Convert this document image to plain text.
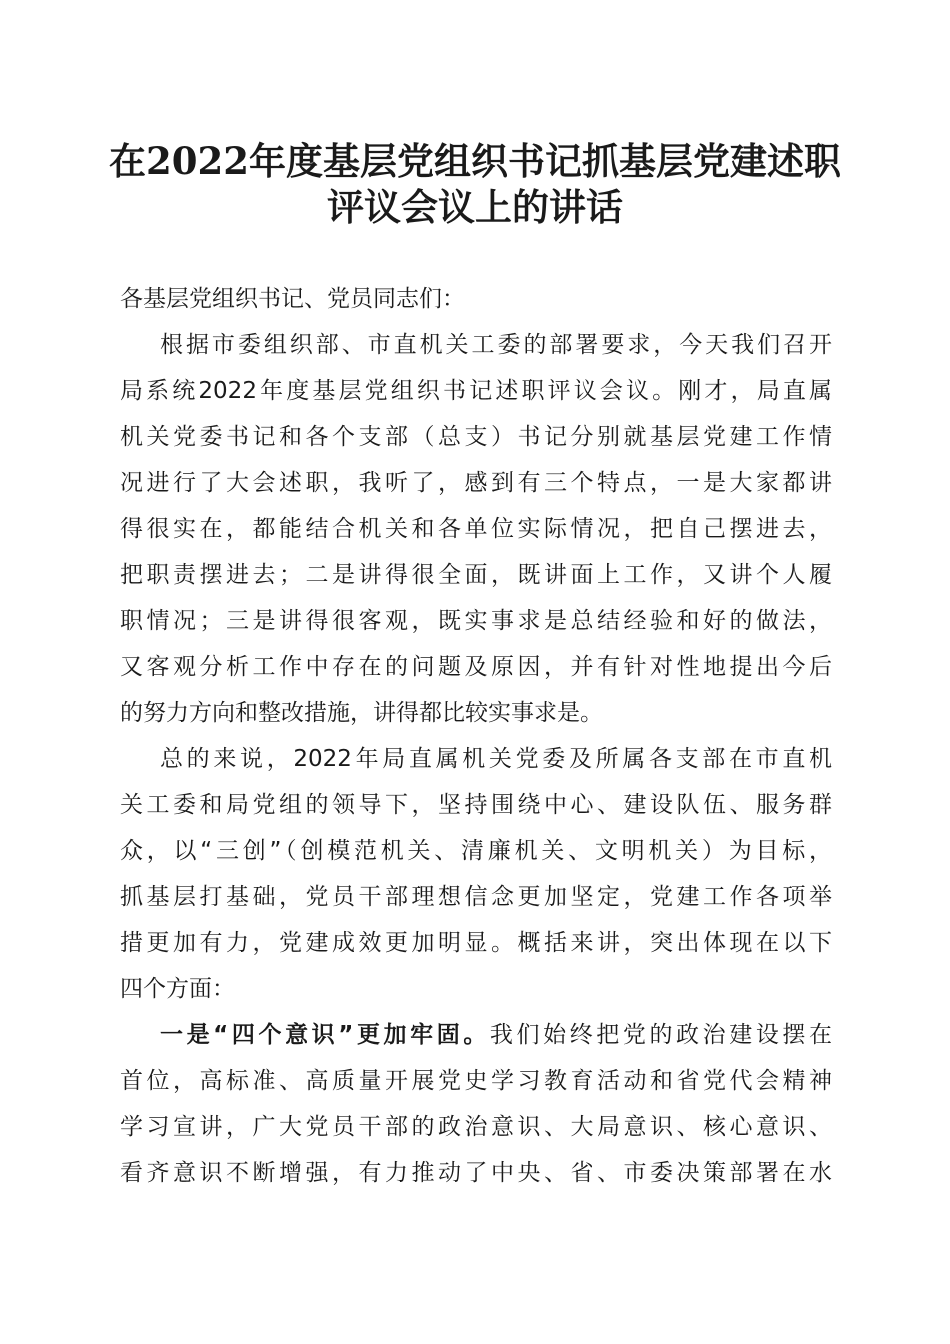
在2022年度基层党组织书记抓基层党建述职
评议会议上的讲话
各基层党组织书记、党员同志们：
根据市委组织部、市直机关工委的部署要求，今天我们召开
局系统2022年度基层党组织书记述职评议会议。刚才，局直属
机关党委书记和各个支部（总支）书记分别就基层党建工作情
况进行了大会述职，我听了，感到有三个特点，一是大家都讲
得很实在，都能结合机关和各单位实际情况，把自己摆进去，
把职责摆进去；二是讲得很全面，既讲面上工作，又讲个人履
职情况；三是讲得很客观，既实事求是总结经验和好的做法，
又客观分析工作中存在的问题及原因，并有针对性地提出今后
的努力方向和整改措施，讲得都比较实事求是。
总的来说，2022年局直属机关党委及所属各支部在市直机
关工委和局党组的领导下，坚持围绕中心、建设队伍、服务群
众，以“三创”（创模范机关、清廉机关、文明机关）为目标，
抓基层打基础，党员干部理想信念更加坚定，党建工作各项举
措更加有力，党建成效更加明显。概括来讲，突出体现在以下
四个方面：
一是“四个意识”更加牢固。我们始终把党的政治建设摆在
首位，高标准、高质量开展党史学习教育活动和省党代会精神
学习宣讲，广大党员干部的政治意识、大局意识、核心意识、
看齐意识不断增强，有力推动了中央、省、市委决策部署在水
